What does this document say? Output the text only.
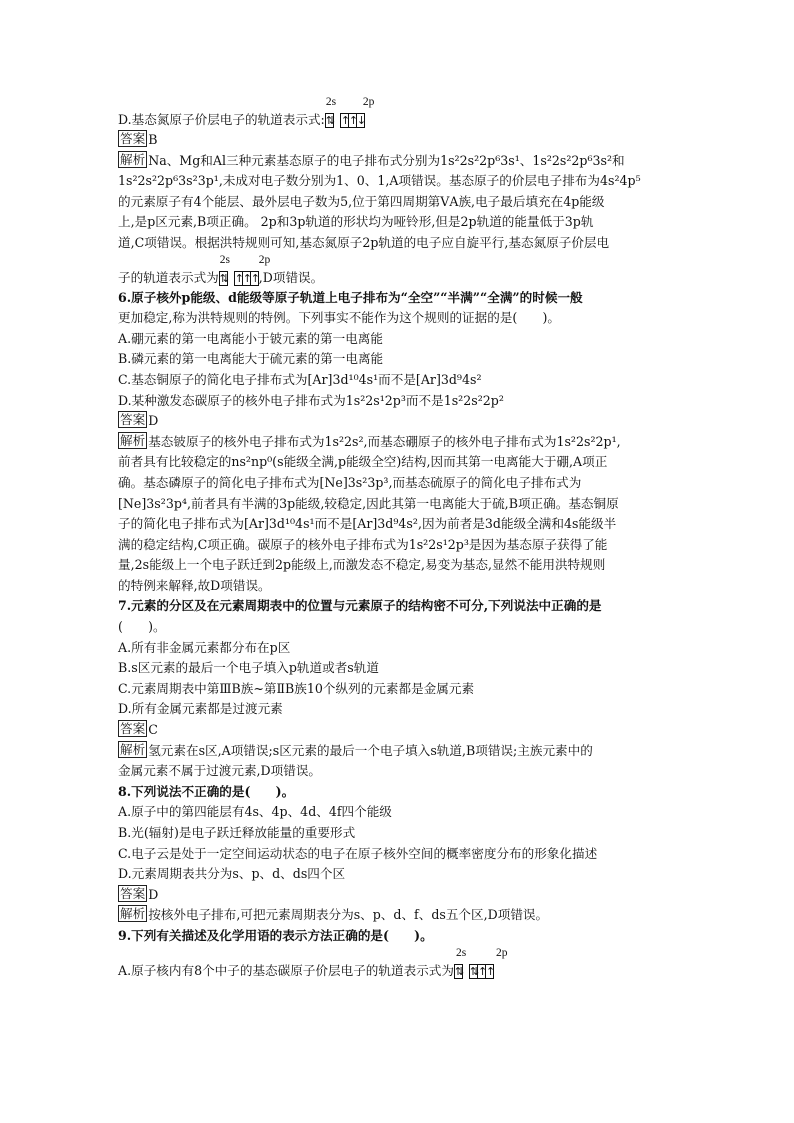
D.基态氮原子价层电子的轨道表示式:
2s 2p
⇅ ↑↑↓
答案 B
解析 Na、Mg和Al三种元素基态原子的电子排布式分别为1s²2s²2p⁶3s¹、1s²2s²2p⁶3s²和
1s²2s²2p⁶3s²3p¹,未成对电子数分别为1、0、1,A项错误。基态原子的价层电子排布为4s²4p⁵
的元素原子有4个能层、最外层电子数为5,位于第四周期第ⅤA族,电子最后填充在4p能级
上,是p区元素,B项正确。 2p和3p轨道的形状均为哑铃形,但是2p轨道的能量低于3p轨
道,C项错误。根据洪特规则可知,基态氮原子2p轨道的电子应自旋平行,基态氮原子价层电
子的轨道表示式为
2s	2p
⇅ ↑↑↑,D项错误。
6.原子核外p能级、d能级等原子轨道上电子排布为“全空”“半满”“全满”的时候一般
更加稳定,称为洪特规则的特例。下列事实不能作为这个规则的证据的是(　　)。
A.硼元素的第一电离能小于铍元素的第一电离能
B.磷元素的第一电离能大于硫元素的第一电离能
C.基态铜原子的简化电子排布式为[Ar]3d¹⁰4s¹而不是[Ar]3d⁹4s²
D.某种激发态碳原子的核外电子排布式为1s²2s¹2p³而不是1s²2s²2p²
答案 D
解析 基态铍原子的核外电子排布式为1s²2s²,而基态硼原子的核外电子排布式为1s²2s²2p¹,
前者具有比较稳定的ns²np⁰(s能级全满,p能级全空)结构,因而其第一电离能大于硼,A项正
确。基态磷原子的简化电子排布式为[Ne]3s²3p³,而基态硫原子的简化电子排布式为
[Ne]3s²3p⁴,前者具有半满的3p能级,较稳定,因此其第一电离能大于硫,B项正确。基态铜原
子的简化电子排布式为[Ar]3d¹⁰4s¹而不是[Ar]3d⁹4s²,因为前者是3d能级全满和4s能级半
满的稳定结构,C项正确。碳原子的核外电子排布式为1s²2s¹2p³是因为基态原子获得了能
量,2s能级上一个电子跃迁到2p能级上,而激发态不稳定,易变为基态,显然不能用洪特规则
的特例来解释,故D项错误。
7.元素的分区及在元素周期表中的位置与元素原子的结构密不可分,下列说法中正确的是
(　　)。
A.所有非金属元素都分布在p区
B.s区元素的最后一个电子填入p轨道或者s轨道
C.元素周期表中第ⅢB族~第ⅡB族10个纵列的元素都是金属元素
D.所有金属元素都是过渡元素
答案 C
解析 氢元素在s区,A项错误;s区元素的最后一个电子填入s轨道,B项错误;主族元素中的
金属元素不属于过渡元素,D项错误。
8.下列说法不正确的是(　　)。
A.原子中的第四能层有4s、4p、4d、4f四个能级
B.光(辐射)是电子跃迁释放能量的重要形式
C.电子云是处于一定空间运动状态的电子在原子核外空间的概率密度分布的形象化描述
D.元素周期表共分为s、p、d、ds四个区
答案 D
解析 按核外电子排布,可把元素周期表分为s、p、d、f、ds五个区,D项错误。
9.下列有关描述及化学用语的表示方法正确的是(　　)。
A.原子核内有8个中子的基态碳原子价层电子的轨道表示式为
2s	2p
⇅ ⇅↑↑
